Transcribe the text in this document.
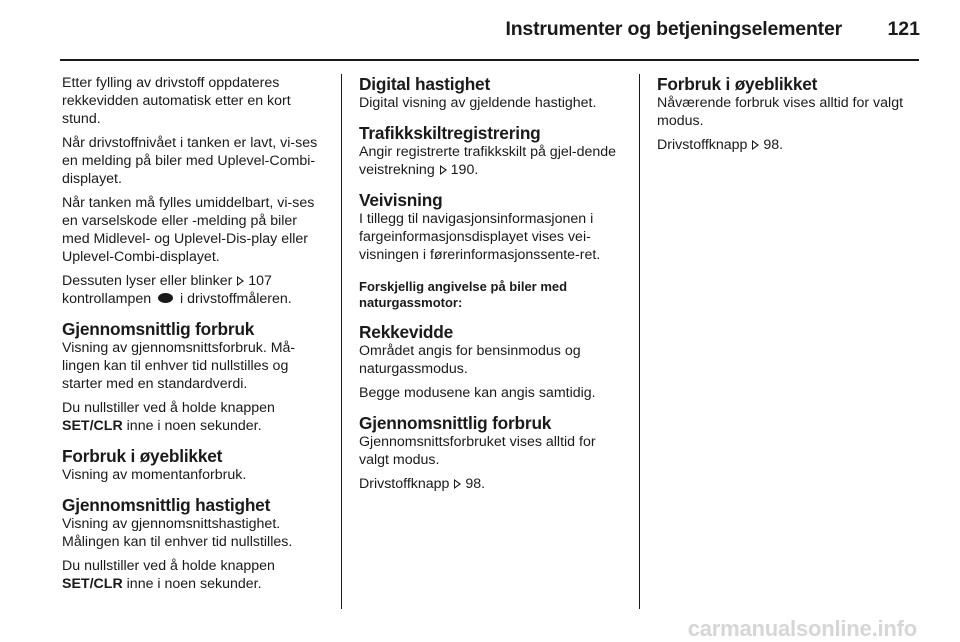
Instrumenter og betjeningselementer 121

Etter fylling av drivstoff oppdateres rekkevidden automatisk etter en kort stund.

Når drivstoffnivået i tanken er lavt, vi-ses en melding på biler med Uplevel-Combi-displayet.

Når tanken må fylles umiddelbart, vi-ses en varselskode eller -melding på biler med Midlevel- og Uplevel-Dis-play eller Uplevel-Combi-displayet.

Dessuten lyser eller blinker 107 kontrollampen i drivstoffmåleren.

Gjennomsnittlig forbruk

Visning av gjennomsnittsforbruk. Må-lingen kan til enhver tid nullstilles og starter med en standardverdi.

Du nullstiller ved å holde knappen SET/CLR inne i noen sekunder.

Forbruk i øyeblikket

Visning av momentanforbruk.

Gjennomsnittlig hastighet

Visning av gjennomsnittshastighet. Målingen kan til enhver tid nullstilles.

Du nullstiller ved å holde knappen SET/CLR inne i noen sekunder.

Digital hastighet

Digital visning av gjeldende hastighet.

Trafikkskiltregistrering

Angir registrerte trafikkskilt på gjel-dende veistrekning 190.

Veivisning

I tillegg til navigasjonsinformasjonen i fargeinformasjonsdisplayet vises vei-visningen i førerinformasjonssente-ret.

Forskjellig angivelse på biler med naturgassmotor:
Rekkevidde

Området angis for bensinmodus og naturgassmodus.

Begge modusene kan angis samtidig.

Gjennomsnittlig forbruk

Gjennomsnittsforbruket vises alltid for valgt modus.

Drivstoffknapp 98.

Forbruk i øyeblikket

Nåværende forbruk vises alltid for valgt modus.

Drivstoffknapp 98.

carmanualsonline.info
